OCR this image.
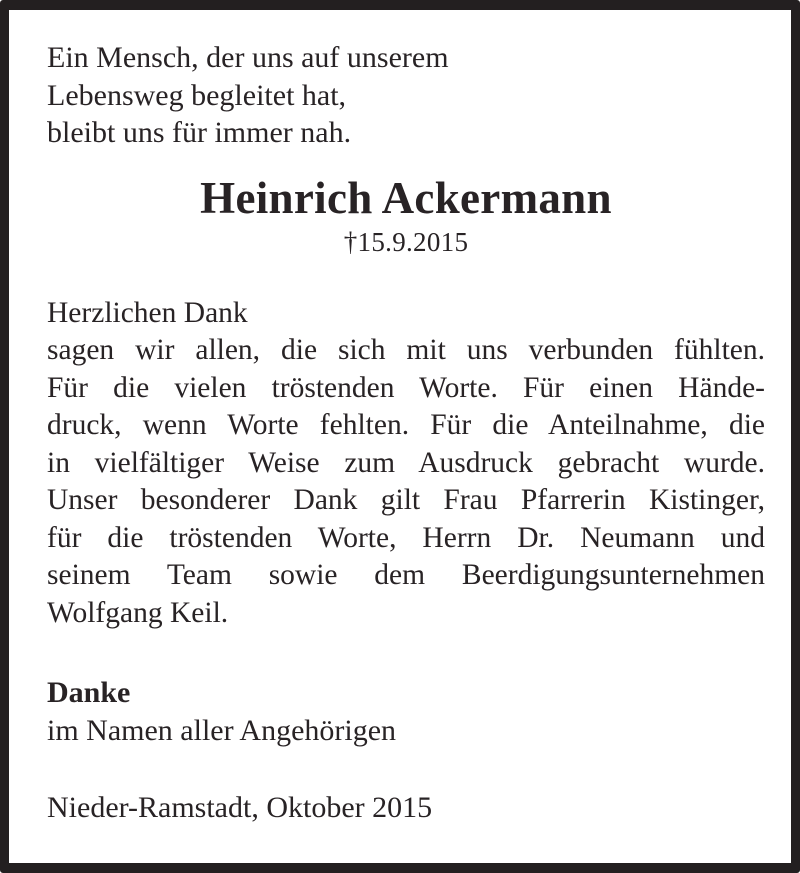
Ein Mensch, der uns auf unserem
Lebensweg begleitet hat,
bleibt uns für immer nah.
Heinrich Ackermann
†15.9.2015
Herzlichen Dank
sagen wir allen, die sich mit uns verbunden fühlten.
Für die vielen tröstenden Worte. Für einen Hände-
druck, wenn Worte fehlten. Für die Anteilnahme, die
in vielfältiger Weise zum Ausdruck gebracht wurde.
Unser besonderer Dank gilt Frau Pfarrerin Kistinger,
für die tröstenden Worte, Herrn Dr. Neumann und
seinem Team sowie dem Beerdigungsunternehmen
Wolfgang Keil.
Danke
im Namen aller Angehörigen
Nieder-Ramstadt, Oktober 2015
